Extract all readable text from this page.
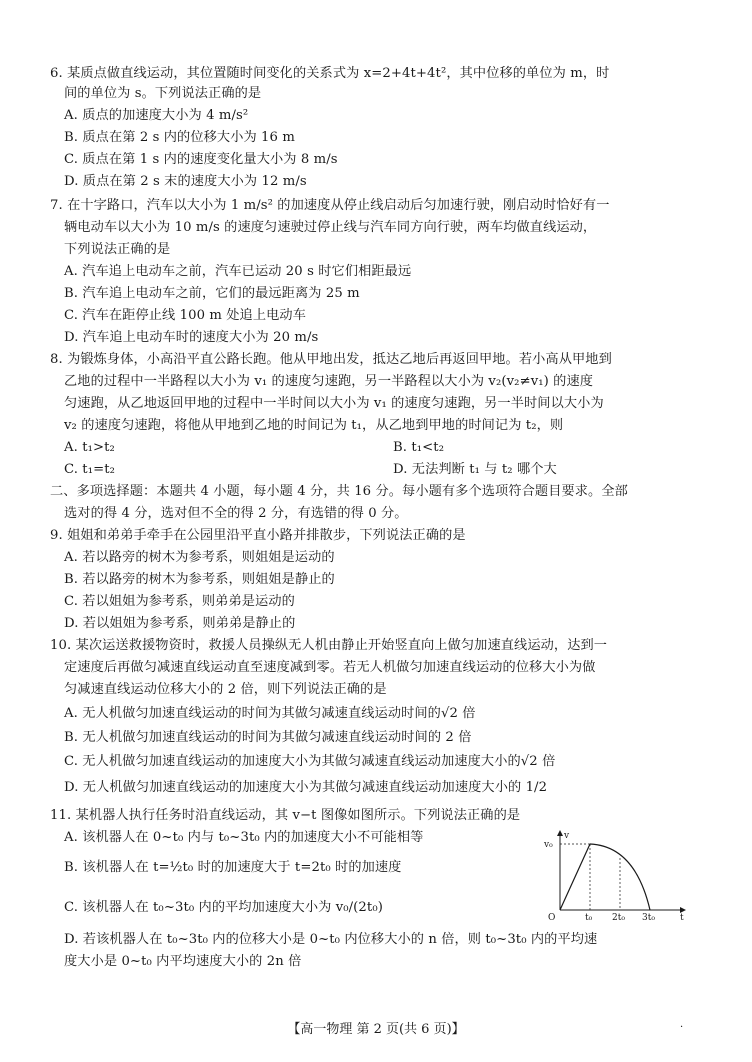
6. 某质点做直线运动，其位置随时间变化的关系式为 x=2+4t+4t²，其中位移的单位为 m，时
间的单位为 s。下列说法正确的是
A. 质点的加速度大小为 4 m/s²
B. 质点在第 2 s 内的位移大小为 16 m
C. 质点在第 1 s 内的速度变化量大小为 8 m/s
D. 质点在第 2 s 末的速度大小为 12 m/s
7. 在十字路口，汽车以大小为 1 m/s² 的加速度从停止线启动后匀加速行驶，刚启动时恰好有一
辆电动车以大小为 10 m/s 的速度匀速驶过停止线与汽车同方向行驶，两车均做直线运动，
下列说法正确的是
A. 汽车追上电动车之前，汽车已运动 20 s 时它们相距最远
B. 汽车追上电动车之前，它们的最远距离为 25 m
C. 汽车在距停止线 100 m 处追上电动车
D. 汽车追上电动车时的速度大小为 20 m/s
8. 为锻炼身体，小高沿平直公路长跑。他从甲地出发，抵达乙地后再返回甲地。若小高从甲地到
乙地的过程中一半路程以大小为 v₁ 的速度匀速跑，另一半路程以大小为 v₂(v₂≠v₁) 的速度
匀速跑，从乙地返回甲地的过程中一半时间以大小为 v₁ 的速度匀速跑，另一半时间以大小为
v₂ 的速度匀速跑，将他从甲地到乙地的时间记为 t₁，从乙地到甲地的时间记为 t₂，则
A. t₁>t₂	B. t₁<t₂
C. t₁=t₂	D. 无法判断 t₁ 与 t₂ 哪个大
二、多项选择题：本题共 4 小题，每小题 4 分，共 16 分。每小题有多个选项符合题目要求。全部
选对的得 4 分，选对但不全的得 2 分，有选错的得 0 分。
9. 姐姐和弟弟手牵手在公园里沿平直小路并排散步，下列说法正确的是
A. 若以路旁的树木为参考系，则姐姐是运动的
B. 若以路旁的树木为参考系，则姐姐是静止的
C. 若以姐姐为参考系，则弟弟是运动的
D. 若以姐姐为参考系，则弟弟是静止的
10. 某次运送救援物资时，救援人员操纵无人机由静止开始竖直向上做匀加速直线运动，达到一
定速度后再做匀减速直线运动直至速度减到零。若无人机做匀加速直线运动的位移大小为做
匀减速直线运动位移大小的 2 倍，则下列说法正确的是
A. 无人机做匀加速直线运动的时间为其做匀减速直线运动时间的√2 倍
B. 无人机做匀加速直线运动的时间为其做匀减速直线运动时间的 2 倍
C. 无人机做匀加速直线运动的加速度大小为其做匀减速直线运动加速度大小的√2 倍
D. 无人机做匀加速直线运动的加速度大小为其做匀减速直线运动加速度大小的 1/2
11. 某机器人执行任务时沿直线运动，其 v−t 图像如图所示。下列说法正确的是
A. 该机器人在 0~t₀ 内与 t₀~3t₀ 内的加速度大小不可能相等
B. 该机器人在 t=½t₀ 时的加速度大于 t=2t₀ 时的加速度
C. 该机器人在 t₀~3t₀ 内的平均加速度大小为 v₀/(2t₀)
D. 若该机器人在 t₀~3t₀ 内的位移大小是 0~t₀ 内位移大小的 n 倍，则 t₀~3t₀ 内的平均速
度大小是 0~t₀ 内平均速度大小的 2n 倍
v
t
O
v₀
t₀ 2t₀ 3t₀
【高一物理 第 2 页(共 6 页)】	·
